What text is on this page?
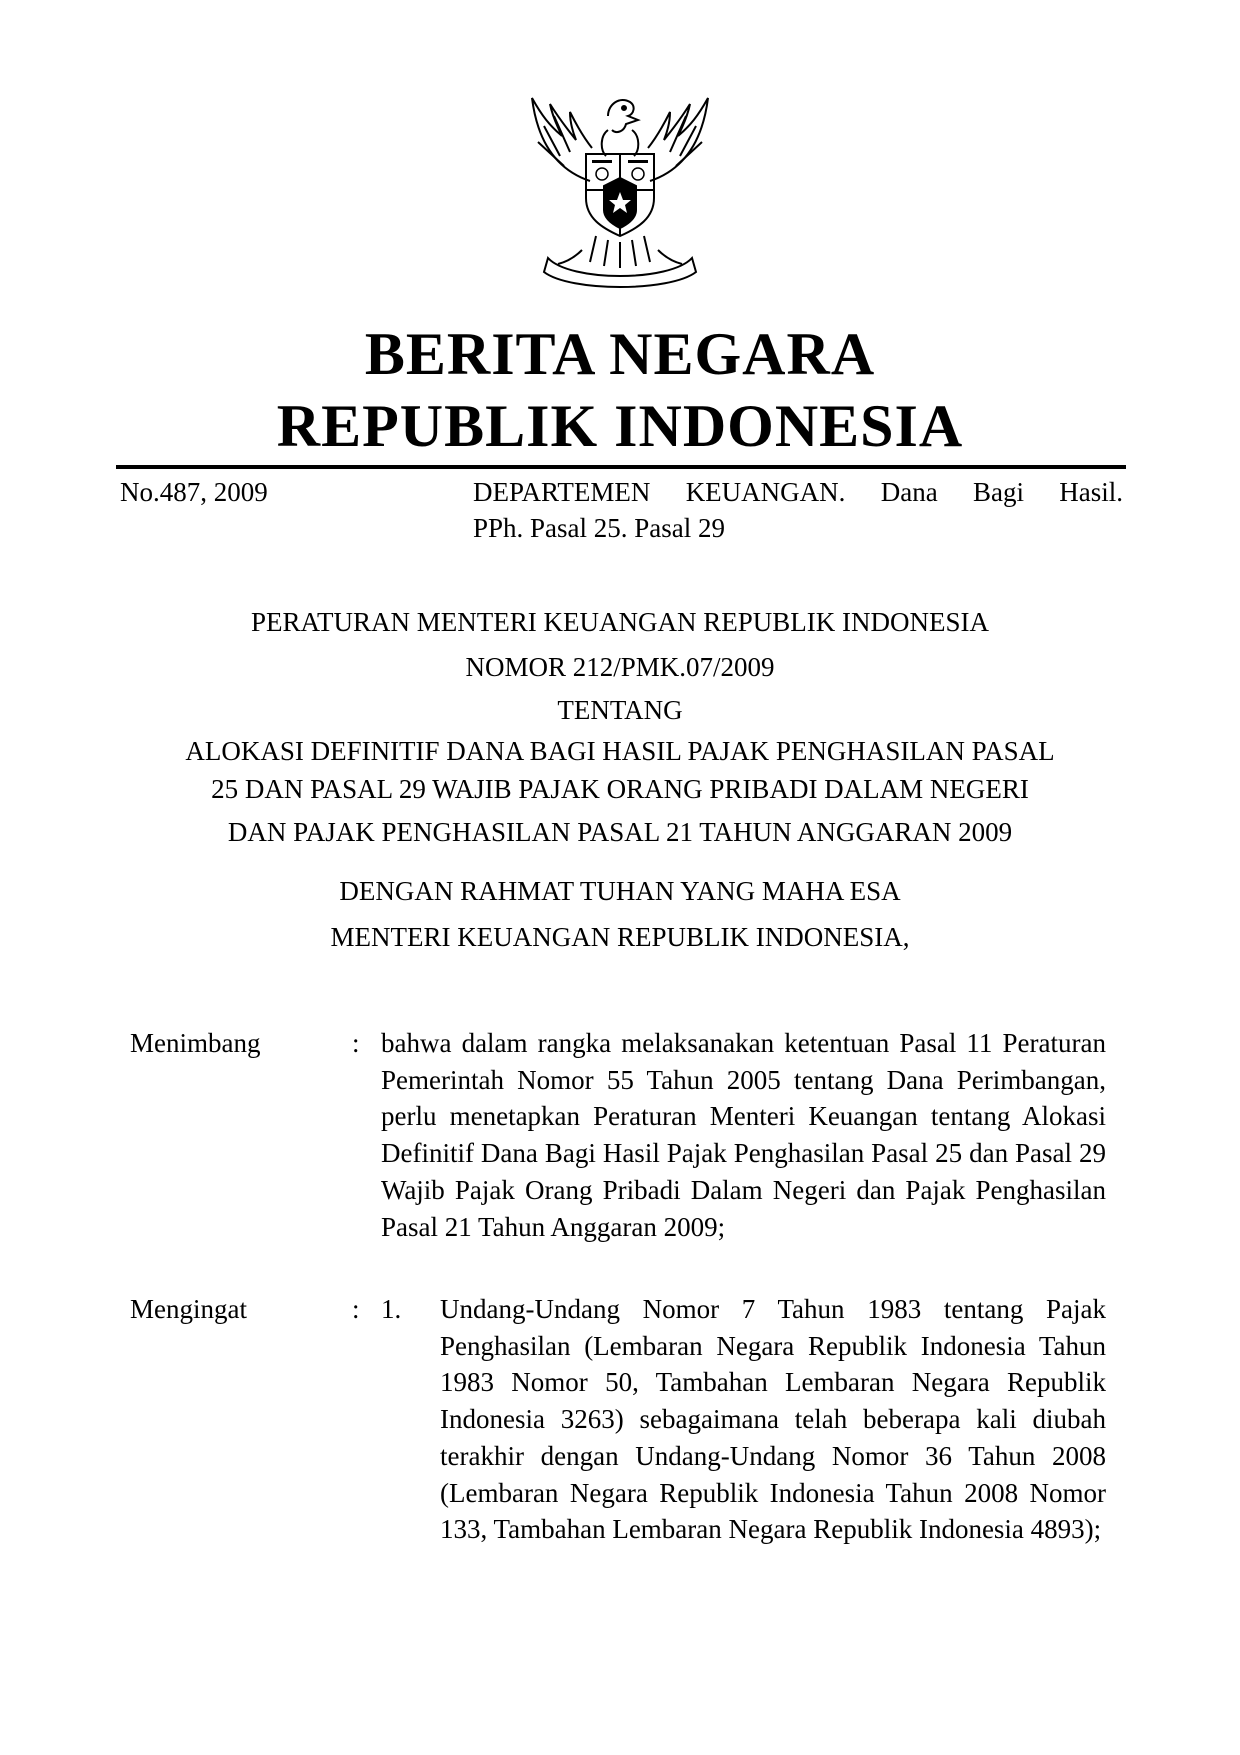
BERITA NEGARA
REPUBLIK INDONESIA
No.487, 2009	DEPARTEMEN KEUANGAN. Dana Bagi Hasil.
PPh. Pasal 25. Pasal 29
PERATURAN MENTERI KEUANGAN REPUBLIK INDONESIA
NOMOR 212/PMK.07/2009
TENTANG
ALOKASI DEFINITIF DANA BAGI HASIL PAJAK PENGHASILAN PASAL
25 DAN PASAL 29 WAJIB PAJAK ORANG PRIBADI DALAM NEGERI
DAN PAJAK PENGHASILAN PASAL 21 TAHUN ANGGARAN 2009
DENGAN RAHMAT TUHAN YANG MAHA ESA
MENTERI KEUANGAN REPUBLIK INDONESIA,
Menimbang	: bahwa dalam rangka melaksanakan ketentuan Pasal 11 Peraturan Pemerintah Nomor 55 Tahun 2005 tentang Dana Perimbangan, perlu menetapkan Peraturan Menteri Keuangan tentang Alokasi Definitif Dana Bagi Hasil Pajak Penghasilan Pasal 25 dan Pasal 29 Wajib Pajak Orang Pribadi Dalam Negeri dan Pajak Penghasilan Pasal 21 Tahun Anggaran 2009;
Mengingat	: 1. Undang-Undang Nomor 7 Tahun 1983 tentang Pajak Penghasilan (Lembaran Negara Republik Indonesia Tahun 1983 Nomor 50, Tambahan Lembaran Negara Republik Indonesia 3263) sebagaimana telah beberapa kali diubah terakhir dengan Undang-Undang Nomor 36 Tahun 2008 (Lembaran Negara Republik Indonesia Tahun 2008 Nomor 133, Tambahan Lembaran Negara Republik Indonesia 4893);
